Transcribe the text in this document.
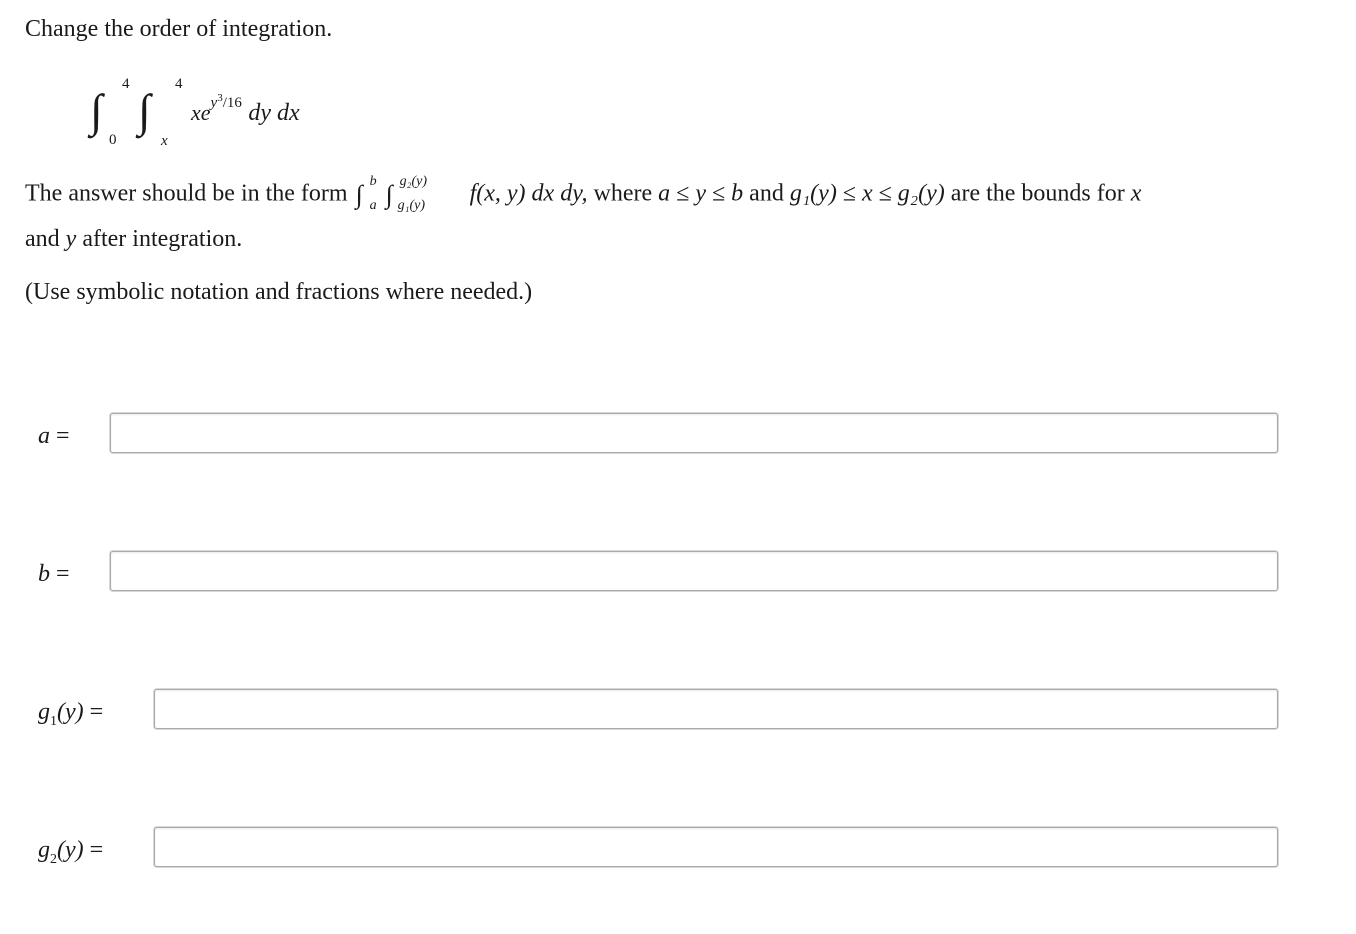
Change the order of integration.
∫
4
0
∫
4
x
$xe^{y^3/16}$ dy dx
The answer should be in the form ∫ b
a ∫ g₂(y)
g₁(y) f(x, y) dx dy, where a ≤ y ≤ b and g₁(y) ≤ x ≤ g₂(y) are the bounds for x
and y after integration.
(Use symbolic notation and fractions where needed.)
a =
b =
$g_1(y)$ =
$g_2(y)$ =
